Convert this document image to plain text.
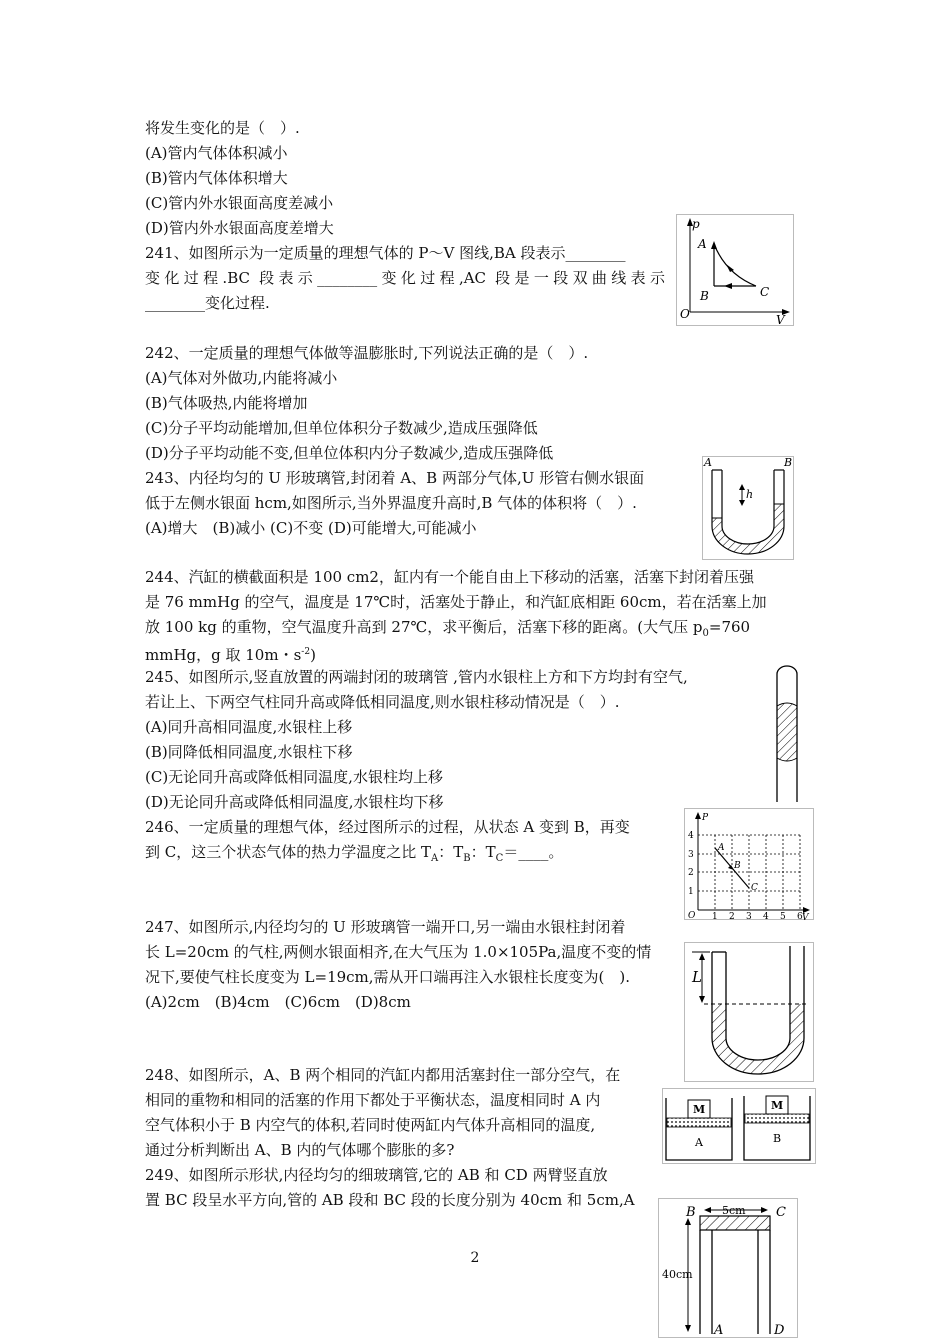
将发生变化的是（　）.
(A)管内气体体积减小
(B)管内气体体积增大
(C)管内外水银面高度差减小
(D)管内外水银面高度差增大
241、如图所示为一定质量的理想气体的 P～V 图线,BA 段表示________
变化过程.BC 段表示________变化过程,AC 段是一段双曲线表示
________变化过程.
242、一定质量的理想气体做等温膨胀时,下列说法正确的是（　）.
(A)气体对外做功,内能将减小
(B)气体吸热,内能将增加
(C)分子平均动能增加,但单位体积分子数减少,造成压强降低
(D)分子平均动能不变,但单位体积内分子数减少,造成压强降低
243、内径均匀的 U 形玻璃管,封闭着 A、B 两部分气体,U 形管右侧水银面
低于左侧水银面 hcm,如图所示,当外界温度升高时,B 气体的体积将（　）.
(A)增大　(B)减小 (C)不变 (D)可能增大,可能减小
244、汽缸的横截面积是 100 cm2，缸内有一个能自由上下移动的活塞，活塞下封闭着压强
是 76 mmHg 的空气，温度是 17℃时，活塞处于静止，和汽缸底相距 60cm，若在活塞上加
放 100 kg 的重物，空气温度升高到 27℃，求平衡后，活塞下移的距离。(大气压 $p_0=760$
mmHg，g 取 10m・$s^{-2}$)
245、如图所示,竖直放置的两端封闭的玻璃管 ,管内水银柱上方和下方均封有空气,
若让上、下两空气柱同升高或降低相同温度,则水银柱移动情况是（　）.
(A)同升高相同温度,水银柱上移
(B)同降低相同温度,水银柱下移
(C)无论同升高或降低相同温度,水银柱均上移
(D)无论同升高或降低相同温度,水银柱均下移
246、一定质量的理想气体，经过图所示的过程，从状态 A 变到 B，再变
到 C，这三个状态气体的热力学温度之比 $T_A$：$T_B$：$T_C=\_\_\_\_$。
247、如图所示,内径均匀的 U 形玻璃管一端开口,另一端由水银柱封闭着
长 L=20cm 的气柱,两侧水银面相齐,在大气压为 1.0×105Pa,温度不变的情
况下,要使气柱长度变为 L=19cm,需从开口端再注入水银柱长度变为(　).
(A)2cm　(B)4cm　(C)6cm　(D)8cm
248、如图所示，A、B 两个相同的汽缸内都用活塞封住一部分空气，在
相同的重物和相同的活塞的作用下都处于平衡状态，温度相同时 A 内
空气体积小于 B 内空气的体积,若同时使两缸内气体升高相同的温度,
通过分析判断出 A、B 内的气体哪个膨胀的多?
249、如图所示形状,内径均匀的细玻璃管,它的 AB 和 CD 两臂竖直放
置 BC 段呈水平方向,管的 AB 段和 BC 段的长度分别为 40cm 和 5cm,A
p
A
B	C
O	V
h
A	B
A
B
C
P
O	V
1
2
3
4
1 2 3 4 5 6
L
M
A
M
B
5cm
40cm
B	C
A	D
2
